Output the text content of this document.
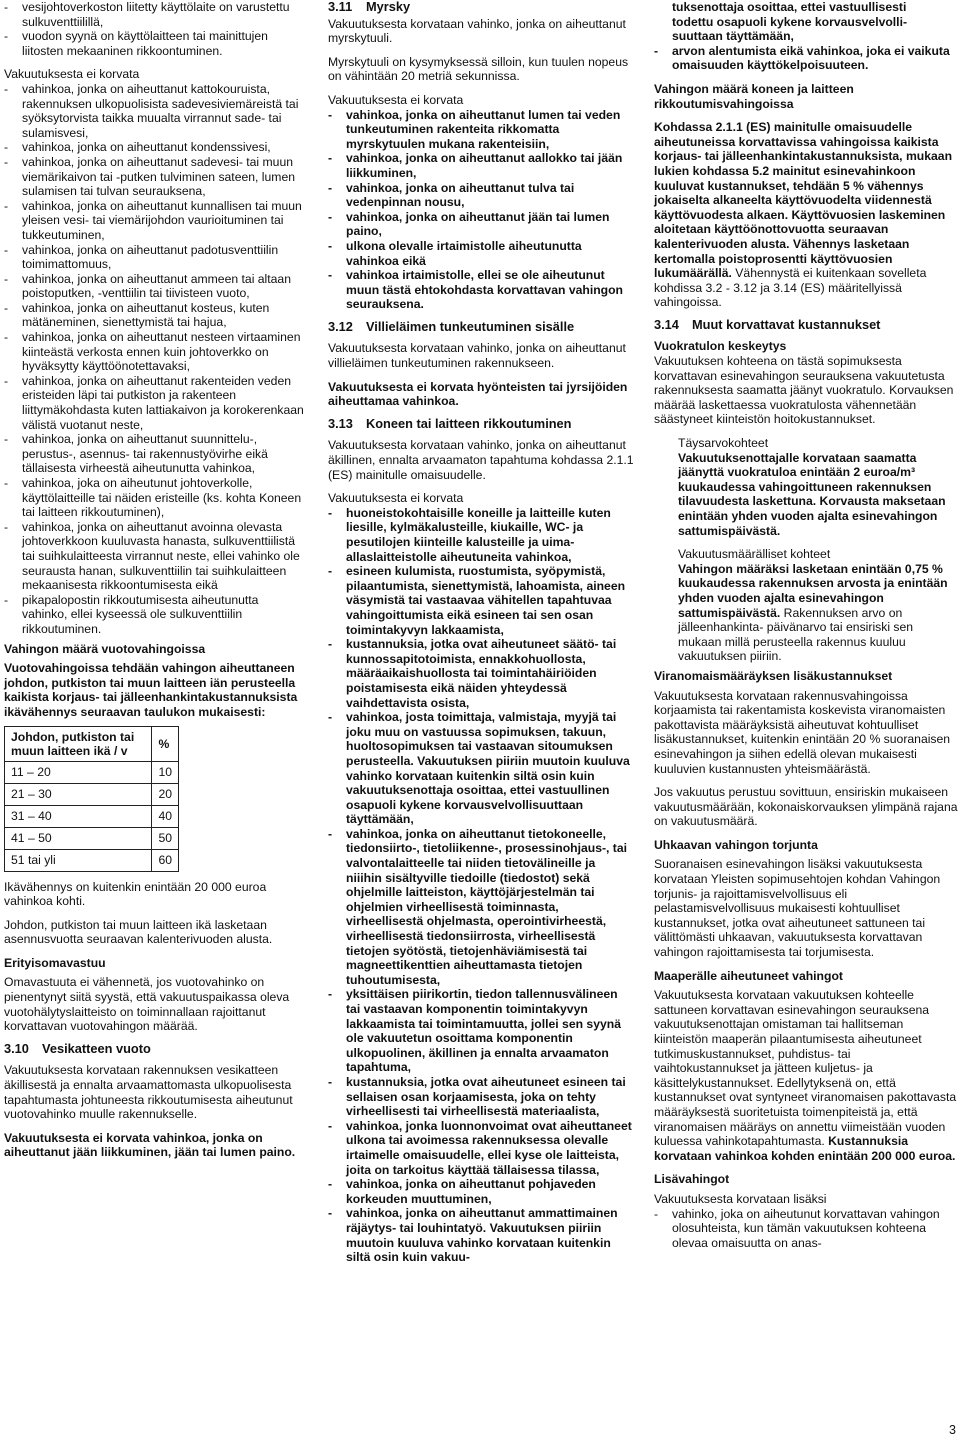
- vesijohtoverkoston liitetty käyttölaite on varustettu sulkuventtiilillä,

- vuodon syynä on käyttölaitteen tai mainittujen liitosten mekaaninen rikkoontuminen.

Vakuutuksesta ei korvata

- vahinkoa, jonka on aiheuttanut kattokouruista, rakennuksen ulkopuolisista sadevesiviemäreistä tai syöksytorvista taikka muualta virrannut sade- tai sulamisvesi,

- vahinkoa, jonka on aiheuttanut kondenssivesi,

- vahinkoa, jonka on aiheuttanut sadevesi- tai muun viemärikaivon tai -putken tulviminen sateen, lumen sulamisen tai tulvan seurauksena,

- vahinkoa, jonka on aiheuttanut kunnallisen tai muun yleisen vesi- tai viemärijohdon vaurioituminen tai tukkeutuminen,

- vahinkoa, jonka on aiheuttanut padotusventtiilin toimimattomuus,

- vahinkoa, jonka on aiheuttanut ammeen tai altaan poistoputken, -venttiilin tai tiivisteen vuoto,

- vahinkoa, jonka on aiheuttanut kosteus, kuten mätäneminen, sienettymistä tai hajua,

- vahinkoa, jonka on aiheuttanut nesteen virtaaminen kiinteästä verkosta ennen kuin johtoverkko on hyväksytty käyttöönotettavaksi,

- vahinkoa, jonka on aiheuttanut rakenteiden veden eristeiden läpi tai putkiston ja rakenteen liittymäkohdasta kuten lattiakaivon ja korokerenkaan välistä vuotanut neste,

- vahinkoa, jonka on aiheuttanut suunnittelu-, perustus-, asennus- tai rakennustyövirhe eikä tällaisesta virheestä aiheutunutta vahinkoa,

- vahinkoa, joka on aiheutunut johtoverkolle, käyttölaitteille tai näiden eristeille (ks. kohta Koneen tai laitteen rikkoutuminen),

- vahinkoa, jonka on aiheuttanut avoinna olevasta johtoverkkoon kuuluvasta hanasta, sulkuventtiilistä tai suihkulaitteesta virrannut neste, ellei vahinko ole seurausta hanan, sulkuventtiilin tai suihkulaitteen mekaanisesta rikkoontumisesta eikä

- pikapalopostin rikkoutumisesta aiheutunutta vahinko, ellei kyseessä ole sulkuventtiilin rikkoutuminen.

Vahingon määrä vuotovahingoissa

Vuotovahingoissa tehdään vahingon aiheuttaneen johdon, putkiston tai muun laitteen iän perusteella kaikista korjaus- tai jälleenhankintakustannuksista ikävähennys seuraavan taulukon mukaisesti:

Johdon, putkiston tai muun laitteen ikä / v	%
11 – 20	10
21 – 30	20
31 – 40	40
41 – 50	50
51 tai yli	60

Ikävähennys on kuitenkin enintään 20 000 euroa vahinkoa kohti.

Johdon, putkiston tai muun laitteen ikä lasketaan asennusvuotta seuraavan kalenterivuoden alusta.

Erityisomavastuu

Omavastuuta ei vähennetä, jos vuotovahinko on pienentynyt siitä syystä, että vakuutuspaikassa oleva vuotohälytyslaitteisto on toiminnallaan rajoittanut korvattavan vuotovahingon määrää.

3.10 Vesikatteen vuoto

Vakuutuksesta korvataan rakennuksen vesikatteen äkillisestä ja ennalta arvaamattomasta ulkopuolisesta tapahtumasta johtuneesta rikkoutumisesta aiheutunut vuotovahinko muulle rakennukselle.

Vakuutuksesta ei korvata vahinkoa, jonka on aiheuttanut jään liikkuminen, jään tai lumen paino.

3.11 Myrsky

Vakuutuksesta korvataan vahinko, jonka on aiheuttanut myrskytuuli.

Myrskytuuli on kysymyksessä silloin, kun tuulen nopeus on vähintään 20 metriä sekunnissa.

Vakuutuksesta ei korvata

- vahinkoa, jonka on aiheuttanut lumen tai veden tunkeutuminen rakenteita rikkomatta myrskytuulen mukana rakenteisiin,

- vahinkoa, jonka on aiheuttanut aallokko tai jään liikkuminen,

- vahinkoa, jonka on aiheuttanut tulva tai vedenpinnan nousu,

- vahinkoa, jonka on aiheuttanut jään tai lumen paino,

- ulkona olevalle irtaimistolle aiheutunutta vahinkoa eikä

- vahinkoa irtaimistolle, ellei se ole aiheutunut muun tästä ehtokohdasta korvattavan vahingon seurauksena.

3.12 Villieläimen tunkeutuminen sisälle

Vakuutuksesta korvataan vahinko, jonka on aiheuttanut villieläimen tunkeutuminen rakennukseen.

Vakuutuksesta ei korvata hyönteisten tai jyrsijöiden aiheuttamaa vahinkoa.

3.13 Koneen tai laitteen rikkoutuminen

Vakuutuksesta korvataan vahinko, jonka on aiheuttanut äkillinen, ennalta arvaamaton tapahtuma kohdassa 2.1.1 (ES) mainitulle omaisuudelle.

Vakuutuksesta ei korvata

- huoneistokohtaisille koneille ja laitteille kuten liesille, kylmäkalusteille, kiukaille, WC- ja pesutilojen kiinteille kalusteille ja uima-allaslaitteistolle aiheutuneita vahinkoa,

- esineen kulumista, ruostumista, syöpymistä, pilaantumista, sienettymistä, lahoamista, aineen väsymistä tai vastaavaa vähitellen tapahtuvaa vahingoittumista eikä esineen tai sen osan toimintakyvyn lakkaamista,

- kustannuksia, jotka ovat aiheutuneet säätö- tai kunnossapitotoimista, ennakkohuollosta, määräaikaishuollosta tai toimintahäiriöiden poistamisesta eikä näiden yhteydessä vaihdettavista osista,

- vahinkoa, josta toimittaja, valmistaja, myyjä tai joku muu on vastuussa sopimuksen, takuun, huoltosopimuksen tai vastaavan sitoumuksen perusteella. Vakuutuksen piiriin muutoin kuuluva vahinko korvataan kuitenkin siltä osin kuin vakuutuksenottaja osoittaa, ettei vastuullinen osapuoli kykene korvausvelvollisuuttaan täyttämään,

- vahinkoa, jonka on aiheuttanut tietokoneelle, tiedonsiirto-, tietoliikenne-, prosessinohjaus-, tai valvontalaitteelle tai niiden tietovälineille ja niiihin sisältyville tiedoille (tiedostot) sekä ohjelmille laitteiston, käyttöjärjestelmän tai ohjelmien virheellisestä toiminnasta, virheellisestä ohjelmasta, operointivirheestä, virheellisestä tiedonsiirrosta, virheellisestä tietojen syötöstä, tietojenhäviämisestä tai magneettikenttien aiheuttamasta tietojen tuhoutumisesta,

- yksittäisen piirikortin, tiedon tallennusvälineen tai vastaavan komponentin toimintakyvyn lakkaamista tai toimintamuutta, jollei sen syynä ole vakuutetun osoittama komponentin ulkopuolinen, äkillinen ja ennalta arvaamaton tapahtuma,

- kustannuksia, jotka ovat aiheutuneet esineen tai sellaisen osan korjaamisesta, joka on tehty virheellisesti tai virheellisestä materiaalista,

- vahinkoa, jonka luonnonvoimat ovat aiheuttaneet ulkona tai avoimessa rakennuksessa olevalle irtaimelle omaisuudelle, ellei kyse ole laitteista, joita on tarkoitus käyttää tällaisessa tilassa,

- vahinkoa, jonka on aiheuttanut pohjaveden korkeuden muuttuminen,

- vahinkoa, jonka on aiheuttanut ammattimainen räjäytys- tai louhintatyö. Vakuutuksen piiriin muutoin kuuluva vahinko korvataan kuitenkin siltä osin kuin vakuu-

tuksenottaja osoittaa, ettei vastuullisesti
todettu osapuoli kykene korvausvelvolli-
suuttaan täyttämään,

- arvon alentumista eikä vahinkoa, joka ei vaikuta omaisuuden käyttökelpoisuuteen.

Vahingon määrä koneen ja laitteen rikkoutumisvahingoissa

Kohdassa 2.1.1 (ES) mainitulle omaisuudelle aiheutuneissa korvattavissa vahingoissa kaikista korjaus- tai jälleenhankintakustannuksista, mukaan lukien kohdassa 5.2 mainitut esinevahinkoon kuuluvat kustannukset, tehdään 5 % vähennys jokaiselta alkaneelta käyttövuodelta viidennestä käyttövuodesta alkaen. Käyttövuosien laskeminen aloitetaan käyttöönottovuotta seuraavan kalenterivuoden alusta. Vähennys lasketaan kertomalla poistoprosentti käyttövuosien lukumäärällä. Vähennystä ei kuitenkaan sovelleta kohdissa 3.2 - 3.12 ja 3.14 (ES) määritellyissä vahingoissa.

3.14 Muut korvattavat kustannukset

Vuokratulon keskeytys

Vakuutuksen kohteena on tästä sopimuksesta korvattavan esinevahingon seurauksena vakuutetusta rakennuksesta saamatta jäänyt vuokratulo. Korvauksen määrää laskettaessa vuokratulosta vähennetään säästyneet kiinteistön hoitokustannukset.

Täysarvokohteet

Vakuutuksenottajalle korvataan saamatta jäänyttä vuokratuloa enintään 2 euroa/m³ kuukaudessa vahingoittuneen rakennuksen tilavuudesta laskettuna. Korvausta maksetaan enintään yhden vuoden ajalta esinevahingon sattumispäivästä.

Vakuutusmäärälliset kohteet

Vahingon määräksi lasketaan enintään 0,75 % kuukaudessa rakennuksen arvosta ja enintään yhden vuoden ajalta esinevahingon sattumispäivästä. Rakennuksen arvo on jälleenhankinta- päivänarvo tai ensiriski sen mukaan millä perusteella rakennus kuuluu vakuutuksen piiriin.

Viranomaismääräyksen lisäkustannukset

Vakuutuksesta korvataan rakennusvahingoissa korjaamista tai rakentamista koskevista viranomaisten pakottavista määräyksistä aiheutuvat kohtuulliset lisäkustannukset, kuitenkin enintään 20 % suoranaisen esinevahingon ja siihen edellä olevan mukaisesti kuuluvien kustannusten yhteismäärästä.

Jos vakuutus perustuu sovittuun, ensiriskin mukaiseen vakuutusmäärään, kokonaiskorvauksen ylimpänä rajana on vakuutusmäärä.

Uhkaavan vahingon torjunta

Suoranaisen esinevahingon lisäksi vakuutuksesta korvataan Yleisten sopimusehtojen kohdan Vahingon torjunis- ja rajoittamisvelvollisuus eli pelastamisvelvollisuus mukaisesti kohtuulliset kustannukset, jotka ovat aiheutuneet sattuneen tai välittömästi uhkaavan, vakuutuksesta korvattavan vahingon rajoittamisesta tai torjumisesta.

Maaperälle aiheutuneet vahingot

Vakuutuksesta korvataan vakuutuksen kohteelle sattuneen korvattavan esinevahingon seurauksena vakuutuksenottajan omistaman tai hallitseman kiinteistön maaperän pilaantumisesta aiheutuneet tutkimuskustannukset, puhdistus- tai vaihtokustannukset ja jätteen kuljetus- ja käsittelykustannukset. Edellytyksenä on, että kustannukset ovat syntyneet viranomaisen pakottavasta määräyksestä suoritetuista toimenpiteistä ja, että viranomaisen määräys on annettu viimeistään vuoden kuluessa vahinkotapahtumasta. Kustannuksia korvataan vahinkoa kohden enintään 200 000 euroa.

Lisävahingot

Vakuutuksesta korvataan lisäksi

- vahinko, joka on aiheutunut korvattavan vahingon olosuhteista, kun tämän vakuutuksen kohteena olevaa omaisuutta on anas-

3
